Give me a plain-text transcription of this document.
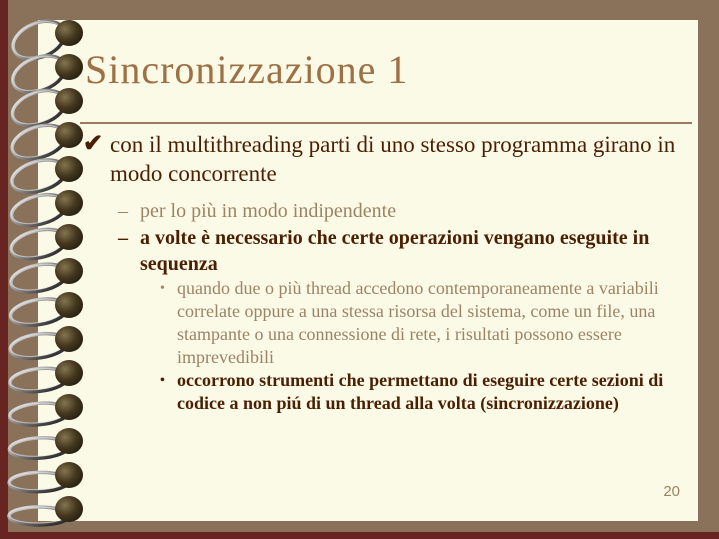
Sincronizzazione 1
✔ con il multithreading parti di uno stesso programma girano in modo concorrente
– per lo più in modo indipendente
– a volte è necessario che certe operazioni vengano eseguite in sequenza
• quando due o più thread accedono contemporaneamente a variabili correlate oppure a una stessa risorsa del sistema, come un file, una stampante o una connessione di rete, i risultati possono essere imprevedibili
• occorrono strumenti che permettano di eseguire certe sezioni di codice a non piú di un thread alla volta (sincronizzazione)
20
